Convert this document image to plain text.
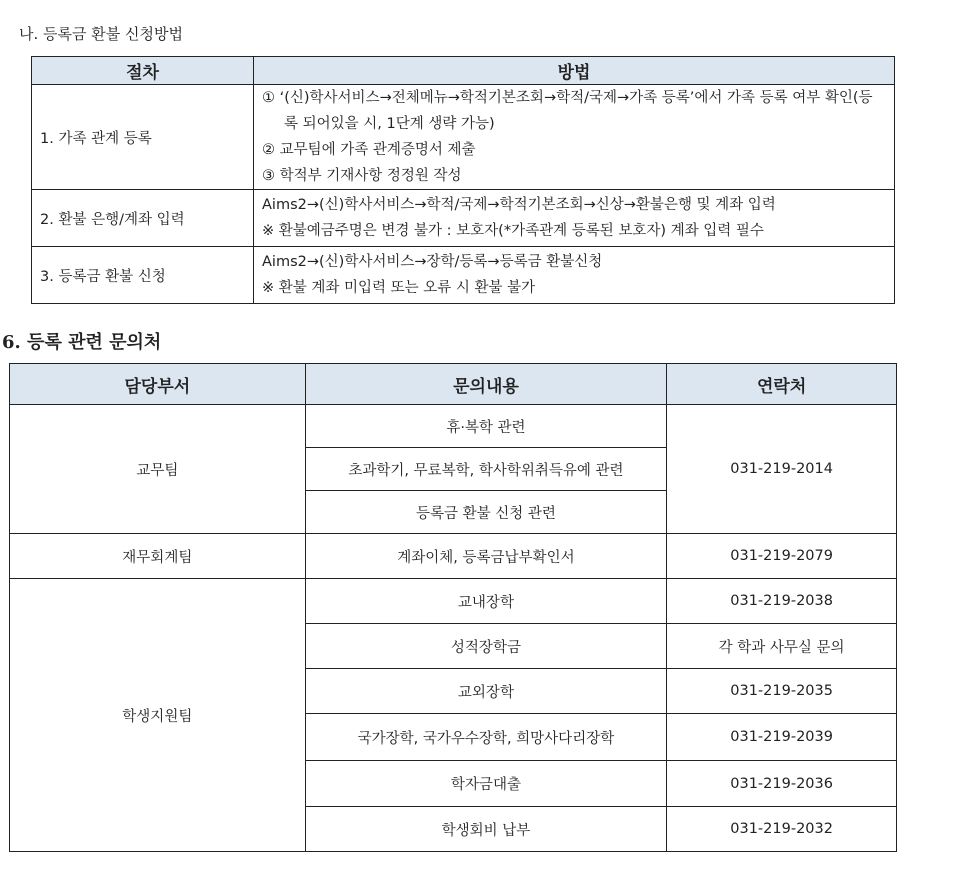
나. 등록금 환불 신청방법
절차	방법
1. 가족 관계 등록	① ‘(신)학사서비스→전체메뉴→학적기본조회→학적/국제→가족 등록’에서 가족 등록 여부 확인(등록 되어있을 시, 1단계 생략 가능)
② 교무팀에 가족 관계증명서 제출
③ 학적부 기재사항 정정원 작성

2. 환불 은행/계좌 입력	Aims2→(신)학사서비스→학적/국제→학적기본조회→신상→환불은행 및 계좌 입력
※ 환불예금주명은 변경 불가 : 보호자(*가족관계 등록된 보호자) 계좌 입력 필수

3. 등록금 환불 신청	Aims2→(신)학사서비스→장학/등록→등록금 환불신청
※ 환불 계좌 미입력 또는 오류 시 환불 불가
6. 등록 관련 문의처
담당부서	문의내용	연락처
교무팀	휴·복학 관련	031-219-2014
	초과학기, 무료복학, 학사학위취득유예 관련	
	등록금 환불 신청 관련	
재무회계팀	계좌이체, 등록금납부확인서	031-219-2079
학생지원팀	교내장학	031-219-2038
	성적장학금	각 학과 사무실 문의
	교외장학	031-219-2035
	국가장학, 국가우수장학, 희망사다리장학	031-219-2039
	학자금대출	031-219-2036
	학생회비 납부	031-219-2032
